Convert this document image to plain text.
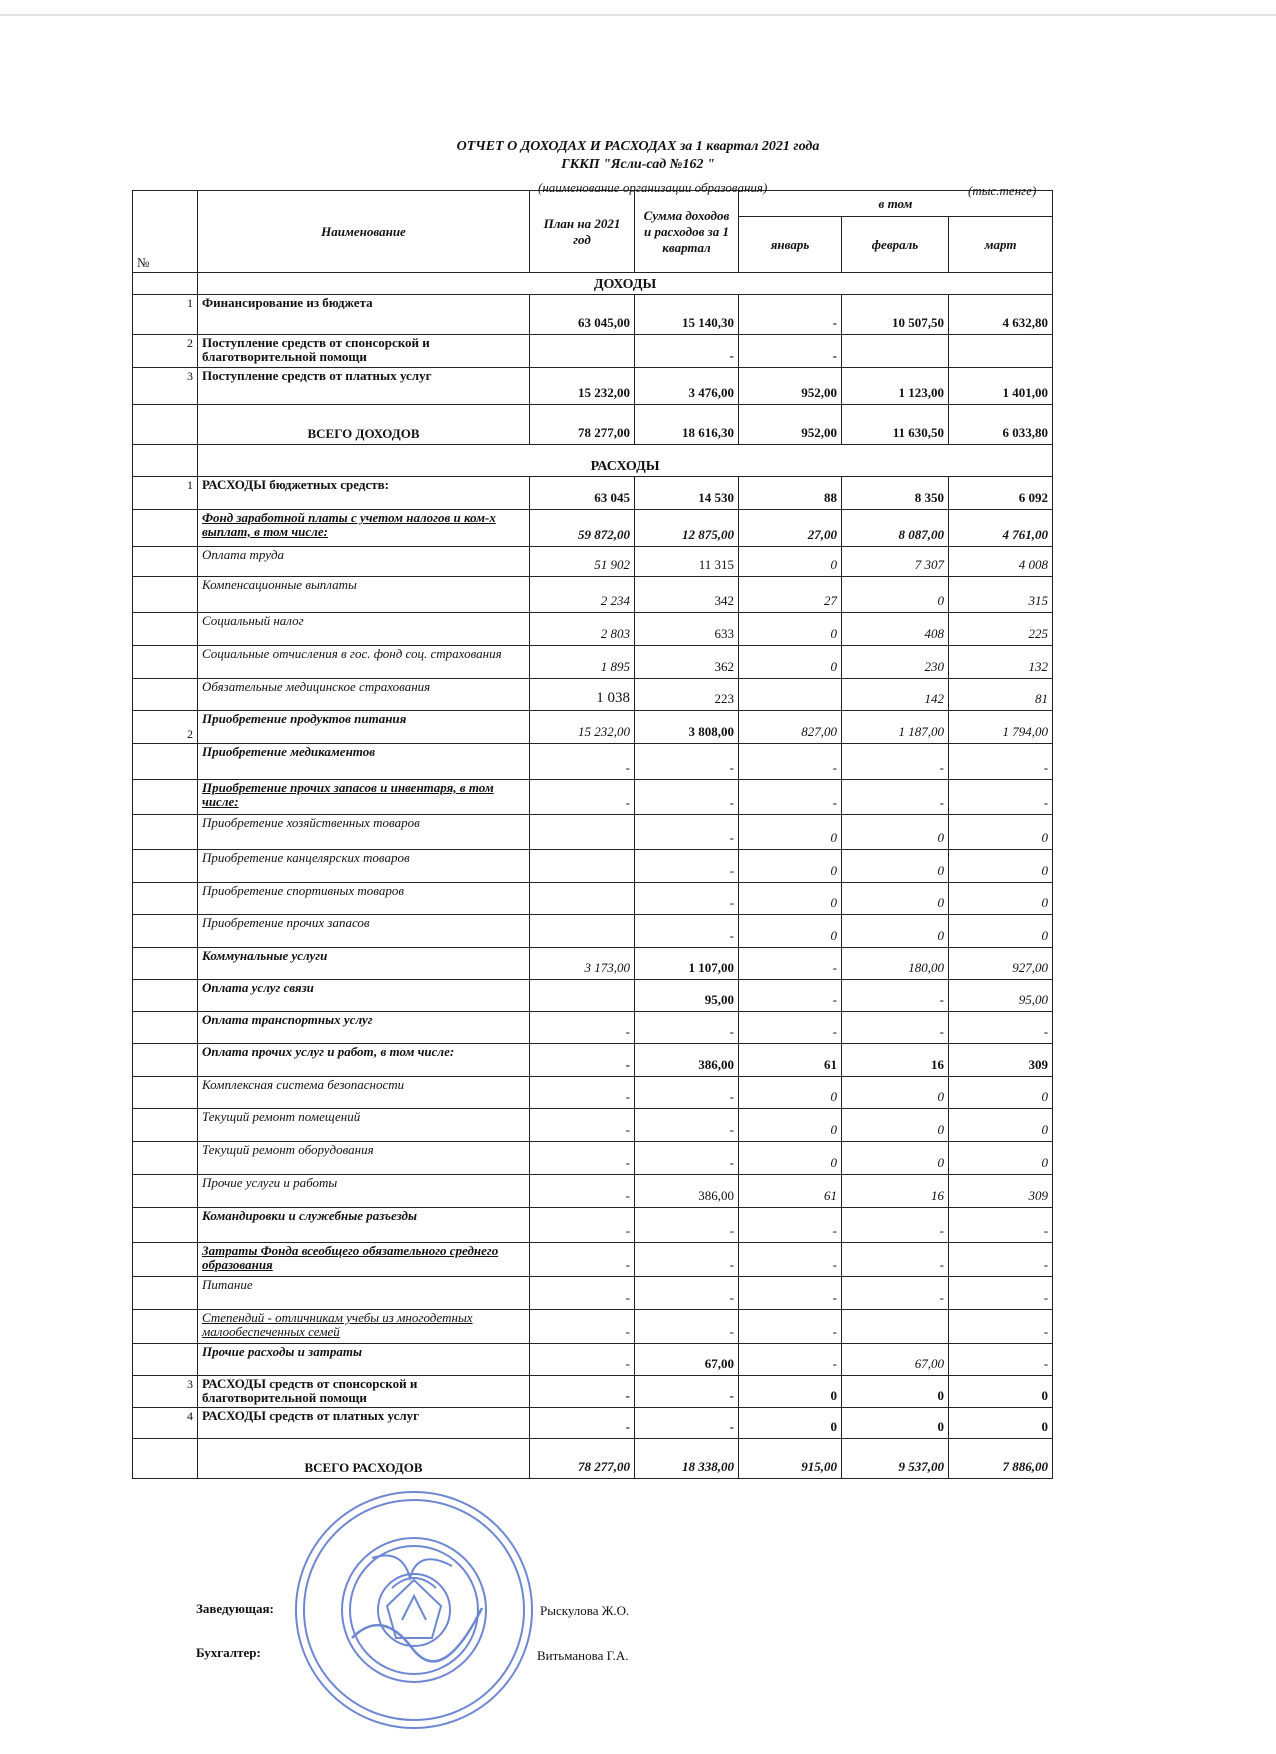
ОТЧЕТ О ДОХОДАХ И РАСХОДАХ за 1 квартал 2021 года
ГККП "Ясли-сад №162 "
(наименование организации образования)	(тыс.тенге)
№	Наименование	План на 2021 год	Сумма доходов и расходов за 1 квартал	в том		
				январь	февраль	март
	ДОХОДЫ					
1	Финансирование из бюджета	63 045,00	15 140,30	-	10 507,50	4 632,80
2	Поступление средств от спонсорской и благотворительной помощи		-	-		
3	Поступление средств от платных услуг	15 232,00	3 476,00	952,00	1 123,00	1 401,00
	ВСЕГО ДОХОДОВ	78 277,00	18 616,30	952,00	11 630,50	6 033,80
	РАСХОДЫ					
1	РАСХОДЫ бюджетных средств:	63 045	14 530	88	8 350	6 092
	Фонд заработной платы с учетом налогов и ком-х выплат, в том числе:	59 872,00	12 875,00	27,00	8 087,00	4 761,00
	Оплата труда	51 902	11 315	0	7 307	4 008
	Компенсационные выплаты	2 234	342	27	0	315
	Социальный налог	2 803	633	0	408	225
	Социальные отчисления в гос. фонд соц. страхования	1 895	362	0	230	132
	Обязательные медицинское страхования	1 038	223		142	81
2	Приобретение продуктов питания	15 232,00	3 808,00	827,00	1 187,00	1 794,00
	Приобретение медикаментов	-	-	-	-	-
	Приобретение прочих запасов и инвентаря, в том числе:	-	-	-	-	-
	Приобретение хозяйственных товаров		-	0	0	0
	Приобретение канцелярских товаров		-	0	0	0
	Приобретение спортивных товаров		-	0	0	0
	Приобретение прочих запасов		-	0	0	0
	Коммунальные услуги	3 173,00	1 107,00	-	180,00	927,00
	Оплата услуг связи		95,00	-	-	95,00
	Оплата транспортных услуг	-	-	-	-	-
	Оплата прочих услуг и работ, в том числе:	-	386,00	61	16	309
	Комплексная система безопасности	-	-	0	0	0
	Текущий ремонт помещений	-	-	0	0	0
	Текущий ремонт оборудования	-	-	0	0	0
	Прочие услуги и работы	-	386,00	61	16	309
	Командировки и служебные разъезды	-	-	-	-	-
	Затраты Фонда всеобщего обязательного среднего образования	-	-	-	-	-
	Питание	-	-	-	-	-
	Степендий - отличникам учебы из многодетных малообеспеченных семей	-	-	-		-
	Прочие расходы и затраты	-	67,00	-	67,00	-
3	РАСХОДЫ средств от спонсорской и благотворительной помощи	-	-	0	0	0
4	РАСХОДЫ средств от платных услуг	-	-	0	0	0
	ВСЕГО РАСХОДОВ	78 277,00	18 338,00	915,00	9 537,00	7 886,00
Заведующая:	Рыскулова Ж.О.
Бухгалтер:	Витьманова Г.А.
